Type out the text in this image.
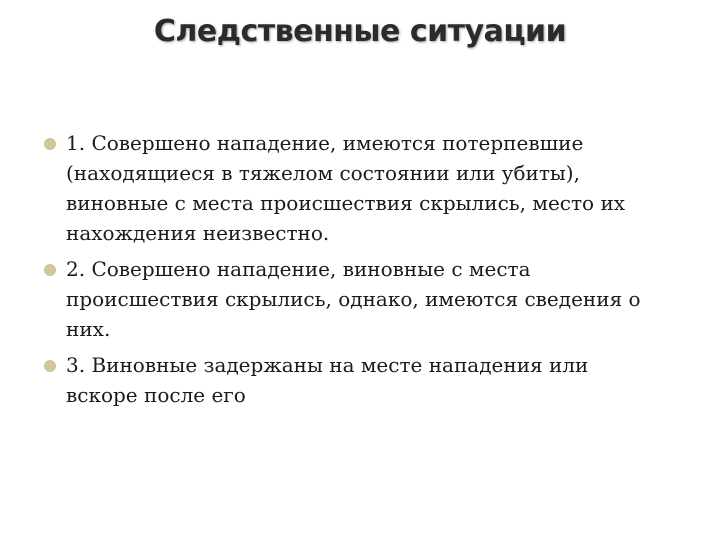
Следственные ситуации
1. Совершено нападение, имеются потерпевшие (находящиеся в тяжелом состоянии или убиты), виновные с места происшествия скрылись, место их нахождения неизвестно.
2. Совершено нападение, виновные с места происшествия скрылись, однако, имеются сведения о них.
3. Виновные задержаны на месте нападения или вскоре после его
